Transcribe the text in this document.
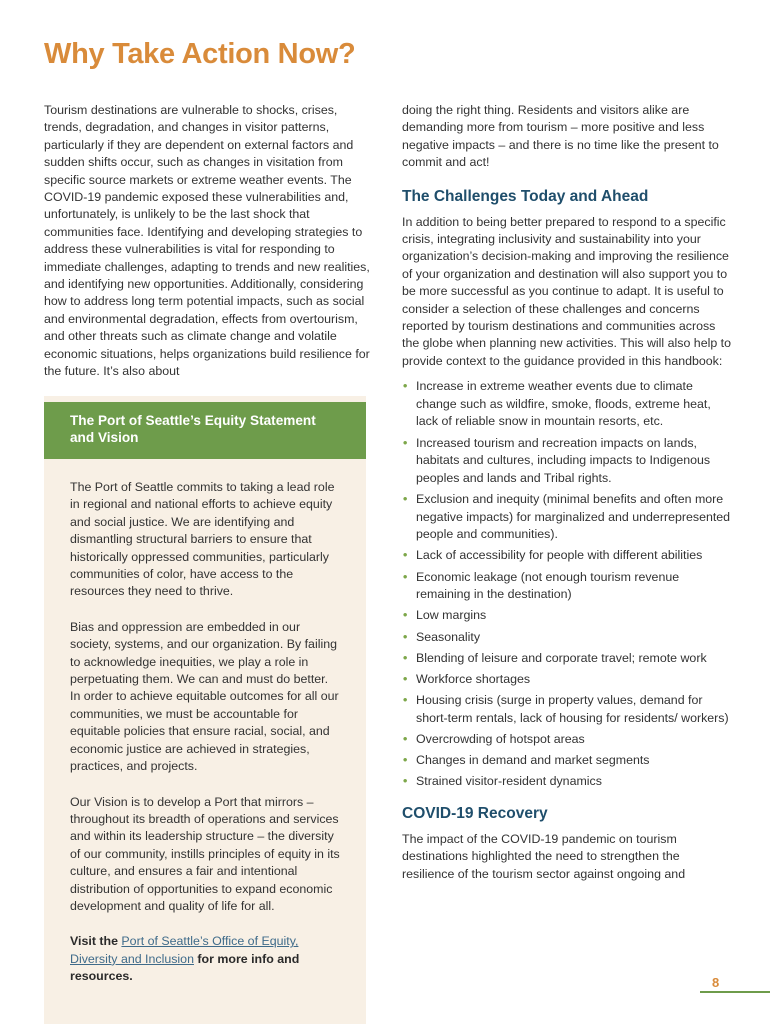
Why Take Action Now?

Tourism destinations are vulnerable to shocks, crises, trends, degradation, and changes in visitor patterns, particularly if they are dependent on external factors and sudden shifts occur, such as changes in visitation from specific source markets or extreme weather events. The COVID-19 pandemic exposed these vulnerabilities and, unfortunately, is unlikely to be the last shock that communities face. Identifying and developing strategies to address these vulnerabilities is vital for responding to immediate challenges, adapting to trends and new realities, and identifying new opportunities. Additionally, considering how to address long term potential impacts, such as social and environmental degradation, effects from overtourism, and other threats such as climate change and volatile economic situations, helps organizations build resilience for the future. It’s also about

The Port of Seattle’s Equity Statement and Vision

The Port of Seattle commits to taking a lead role in regional and national efforts to achieve equity and social justice. We are identifying and dismantling structural barriers to ensure that historically oppressed communities, particularly communities of color, have access to the resources they need to thrive.

Bias and oppression are embedded in our society, systems, and our organization. By failing to acknowledge inequities, we play a role in perpetuating them. We can and must do better. In order to achieve equitable outcomes for all our communities, we must be accountable for equitable policies that ensure racial, social, and economic justice are achieved in strategies, practices, and projects.

Our Vision is to develop a Port that mirrors – throughout its breadth of operations and services and within its leadership structure – the diversity of our community, instills principles of equity in its culture, and ensures a fair and intentional distribution of opportunities to expand economic development and quality of life for all.

Visit the Port of Seattle’s Office of Equity, Diversity and Inclusion for more info and resources.

doing the right thing. Residents and visitors alike are demanding more from tourism – more positive and less negative impacts – and there is no time like the present to commit and act!

The Challenges Today and Ahead

In addition to being better prepared to respond to a specific crisis, integrating inclusivity and sustainability into your organization’s decision-making and improving the resilience of your organization and destination will also support you to be more successful as you continue to adapt. It is useful to consider a selection of these challenges and concerns reported by tourism destinations and communities across the globe when planning new activities. This will also help to provide context to the guidance provided in this handbook:

• Increase in extreme weather events due to climate change such as wildfire, smoke, floods, extreme heat, lack of reliable snow in mountain resorts, etc.
• Increased tourism and recreation impacts on lands, habitats and cultures, including impacts to Indigenous peoples and lands and Tribal rights.
• Exclusion and inequity (minimal benefits and often more negative impacts) for marginalized and underrepresented people and communities).
• Lack of accessibility for people with different abilities
• Economic leakage (not enough tourism revenue remaining in the destination)
• Low margins
• Seasonality
• Blending of leisure and corporate travel; remote work
• Workforce shortages
• Housing crisis (surge in property values, demand for short-term rentals, lack of housing for residents/ workers)
• Overcrowding of hotspot areas
• Changes in demand and market segments
• Strained visitor-resident dynamics
COVID-19 Recovery

The impact of the COVID-19 pandemic on tourism destinations highlighted the need to strengthen the resilience of the tourism sector against ongoing and

8
